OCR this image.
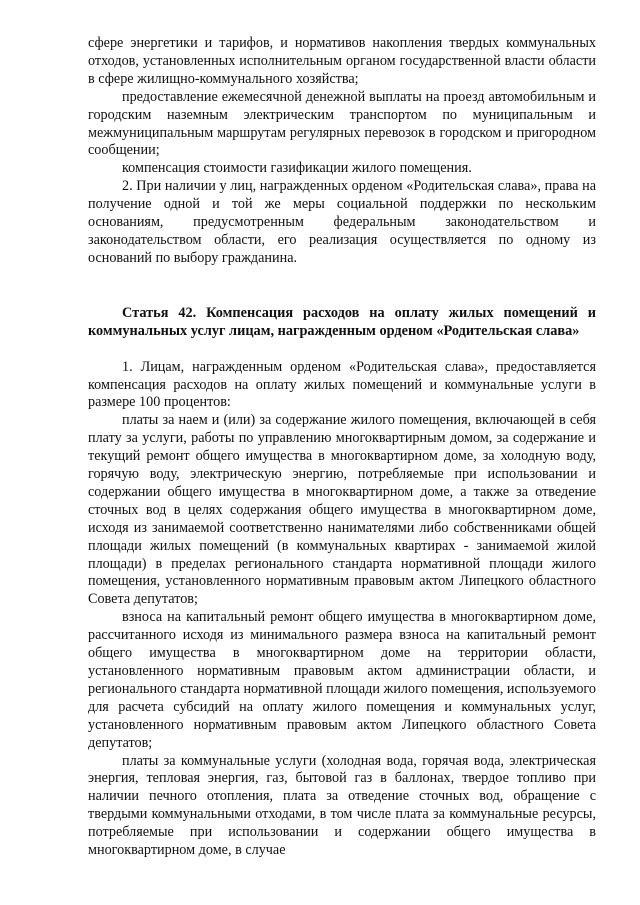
сфере энергетики и тарифов, и нормативов накопления твердых коммунальных отходов, установленных исполнительным органом государственной власти области в сфере жилищно-коммунального хозяйства;

предоставление ежемесячной денежной выплаты на проезд автомобильным и городским наземным электрическим транспортом по муниципальным и межмуниципальным маршрутам регулярных перевозок в городском и пригородном сообщении;

компенсация стоимости газификации жилого помещения.

2. При наличии у лиц, награжденных орденом «Родительская слава», права на получение одной и той же меры социальной поддержки по нескольким основаниям, предусмотренным федеральным законодательством и законодательством области, его реализация осуществляется по одному из оснований по выбору гражданина.

Статья 42. Компенсация расходов на оплату жилых помещений и коммунальных услуг лицам, награжденным орденом «Родительская слава»

1. Лицам, награжденным орденом «Родительская слава», предоставляется компенсация расходов на оплату жилых помещений и коммунальные услуги в размере 100 процентов:

платы за наем и (или) за содержание жилого помещения, включающей в себя плату за услуги, работы по управлению многоквартирным домом, за содержание и текущий ремонт общего имущества в многоквартирном доме, за холодную воду, горячую воду, электрическую энергию, потребляемые при использовании и содержании общего имущества в многоквартирном доме, а также за отведение сточных вод в целях содержания общего имущества в многоквартирном доме, исходя из занимаемой соответственно нанимателями либо собственниками общей площади жилых помещений (в коммунальных квартирах - занимаемой жилой площади) в пределах регионального стандарта нормативной площади жилого помещения, установленного нормативным правовым актом Липецкого областного Совета депутатов;

взноса на капитальный ремонт общего имущества в многоквартирном доме, рассчитанного исходя из минимального размера взноса на капитальный ремонт общего имущества в многоквартирном доме на территории области, установленного нормативным правовым актом администрации области, и регионального стандарта нормативной площади жилого помещения, используемого для расчета субсидий на оплату жилого помещения и коммунальных услуг, установленного нормативным правовым актом Липецкого областного Совета депутатов;

платы за коммунальные услуги (холодная вода, горячая вода, электрическая энергия, тепловая энергия, газ, бытовой газ в баллонах, твердое топливо при наличии печного отопления, плата за отведение сточных вод, обращение с твердыми коммунальными отходами, в том числе плата за коммунальные ресурсы, потребляемые при использовании и содержании общего имущества в многоквартирном доме, в случае
